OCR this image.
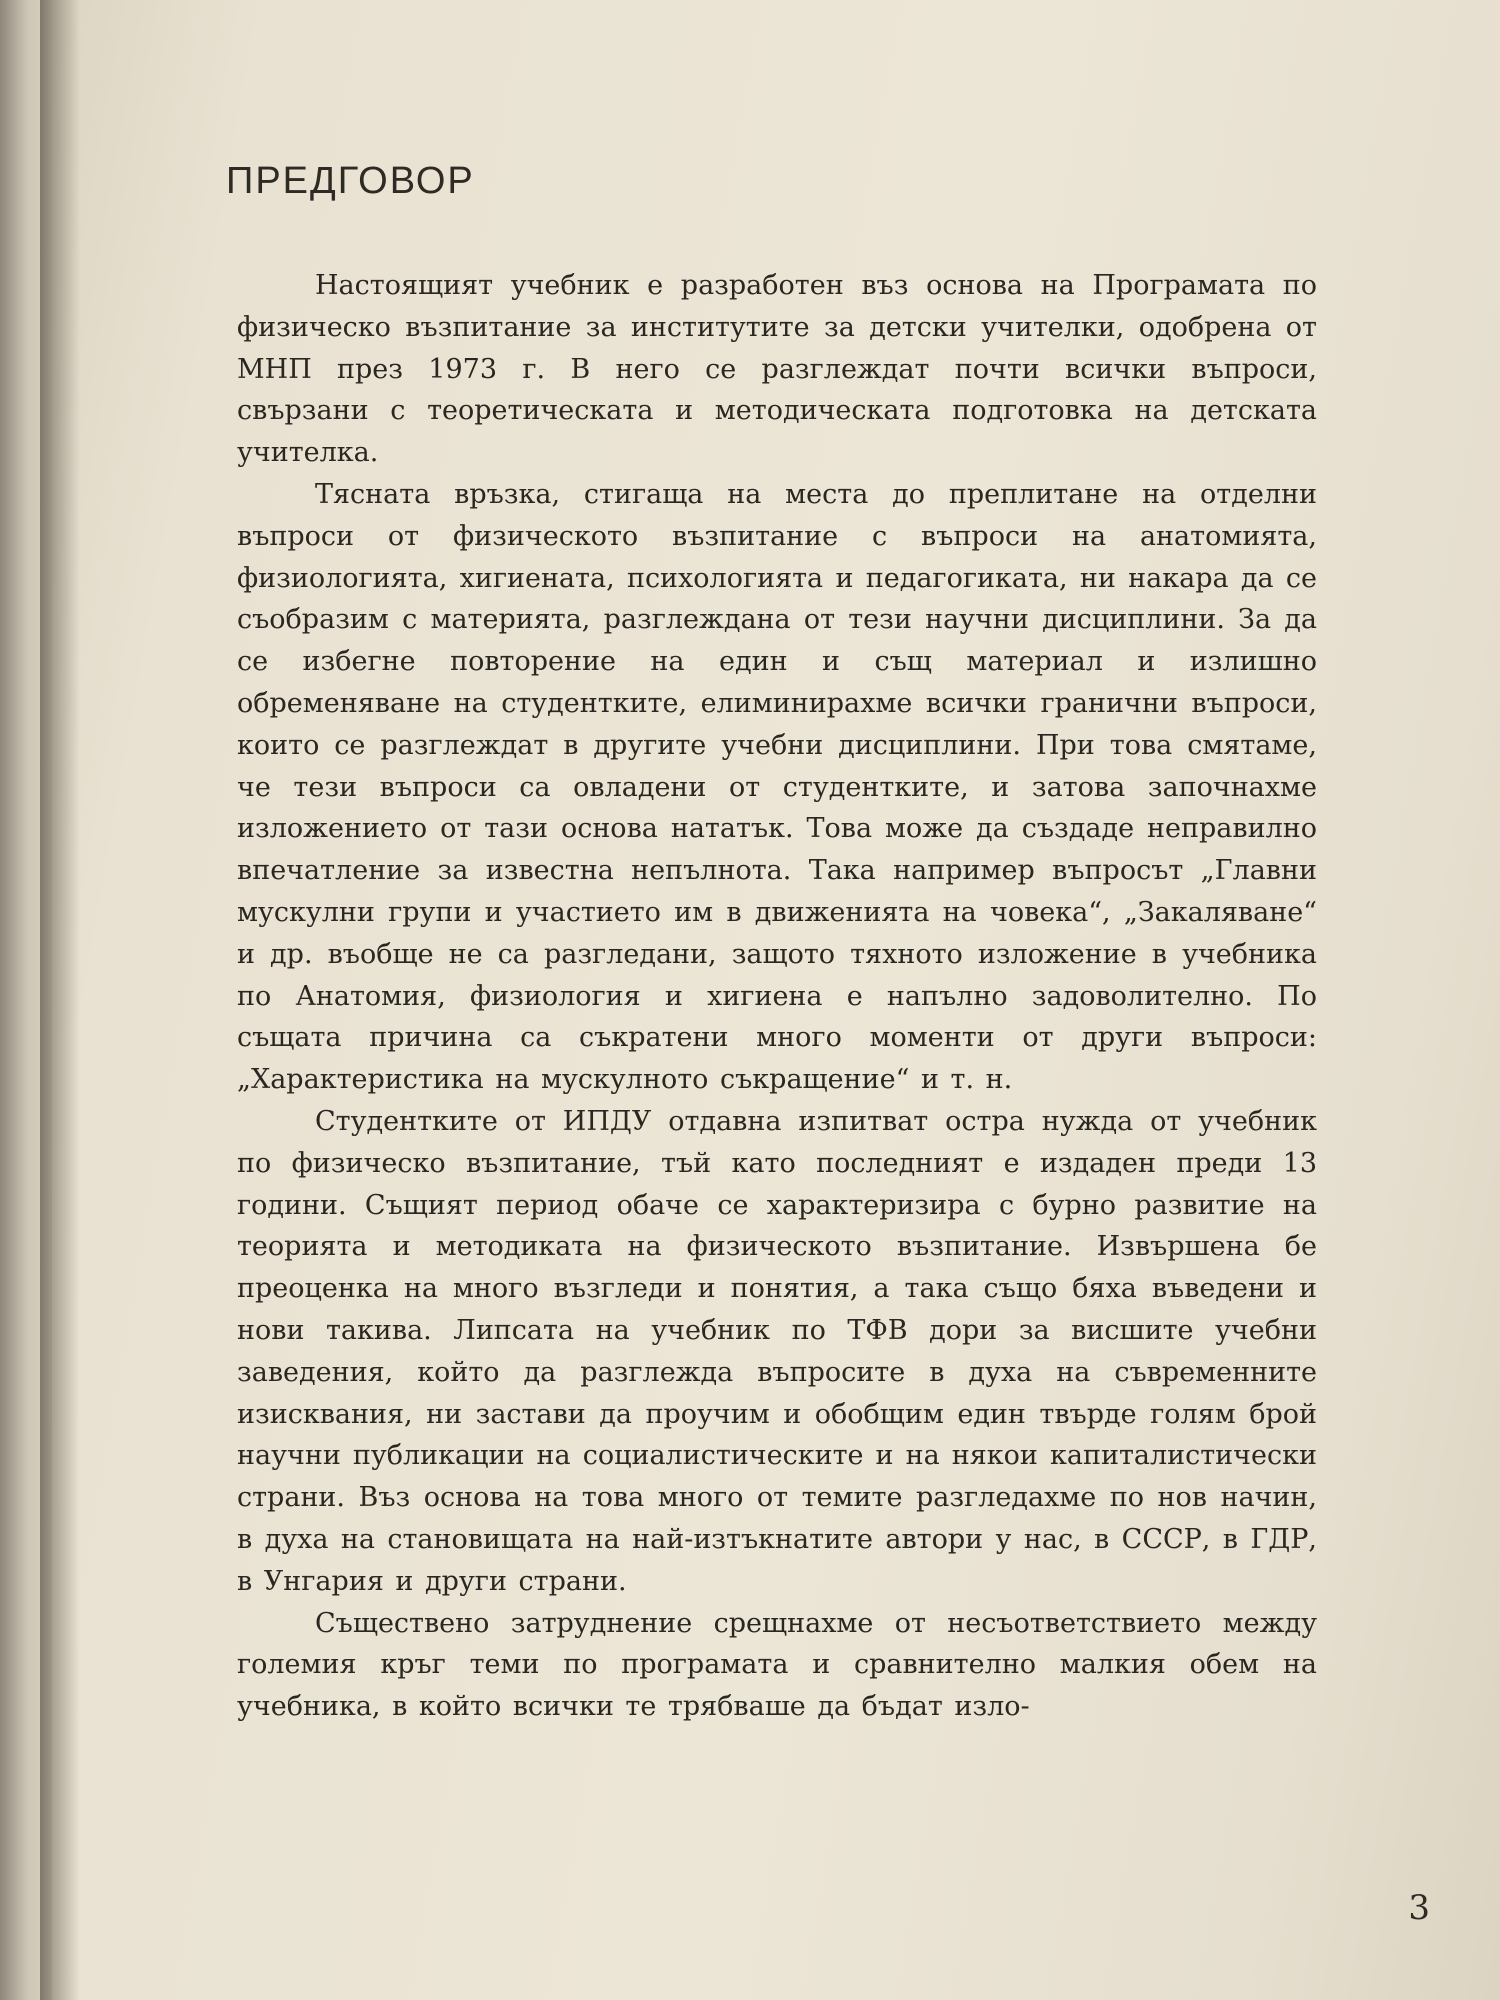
ПРЕДГОВОР

Настоящият учебник е разработен въз основа на Програмата по физическо възпитание за институтите за детски учителки, одобрена от МНП през 1973 г. В него се разглеждат почти всички въпроси, свързани с теоретическата и методическата подготовка на детската учителка.

Тясната връзка, стигаща на места до преплитане на отделни въпроси от физическото възпитание с въпроси на анатомията, физиологията, хигиената, психологията и педагогиката, ни накара да се съобразим с материята, разглеждана от тези научни дисциплини. За да се избегне повторение на един и същ материал и излишно обременяване на студентките, елиминирахме всички гранични въпроси, които се разглеждат в другите учебни дисциплини. При това смятаме, че тези въпроси са овладени от студентките, и затова започнахме изложението от тази основа нататък. Това може да създаде неправилно впечатление за известна непълнота. Така например въпросът „Главни мускулни групи и участието им в движенията на човека“, „Закаляване“ и др. въобще не са разгледани, защото тяхното изложение в учебника по Анатомия, физиология и хигиена е напълно задоволително. По същата причина са съкратени много моменти от други въпроси: „Характеристика на мускулното съкращение“ и т. н.

Студентките от ИПДУ отдавна изпитват остра нужда от учебник по физическо възпитание, тъй като последният е издаден преди 13 години. Същият период обаче се характеризира с бурно развитие на теорията и методиката на физическото възпитание. Извършена бе преоценка на много възгледи и понятия, а така също бяха въведени и нови такива. Липсата на учебник по ТФВ дори за висшите учебни заведения, който да разглежда въпросите в духа на съвременните изисквания, ни застави да проучим и обобщим един твърде голям брой научни публикации на социалистическите и на някои капиталистически страни. Въз основа на това много от темите разгледахме по нов начин, в духа на становищата на най-изтъкнатите автори у нас, в СССР, в ГДР, в Унгария и други страни.

Съществено затруднение срещнахме от несъответствието между големия кръг теми по програмата и сравнително малкия обем на учебника, в който всички те трябваше да бъдат изло-

3
